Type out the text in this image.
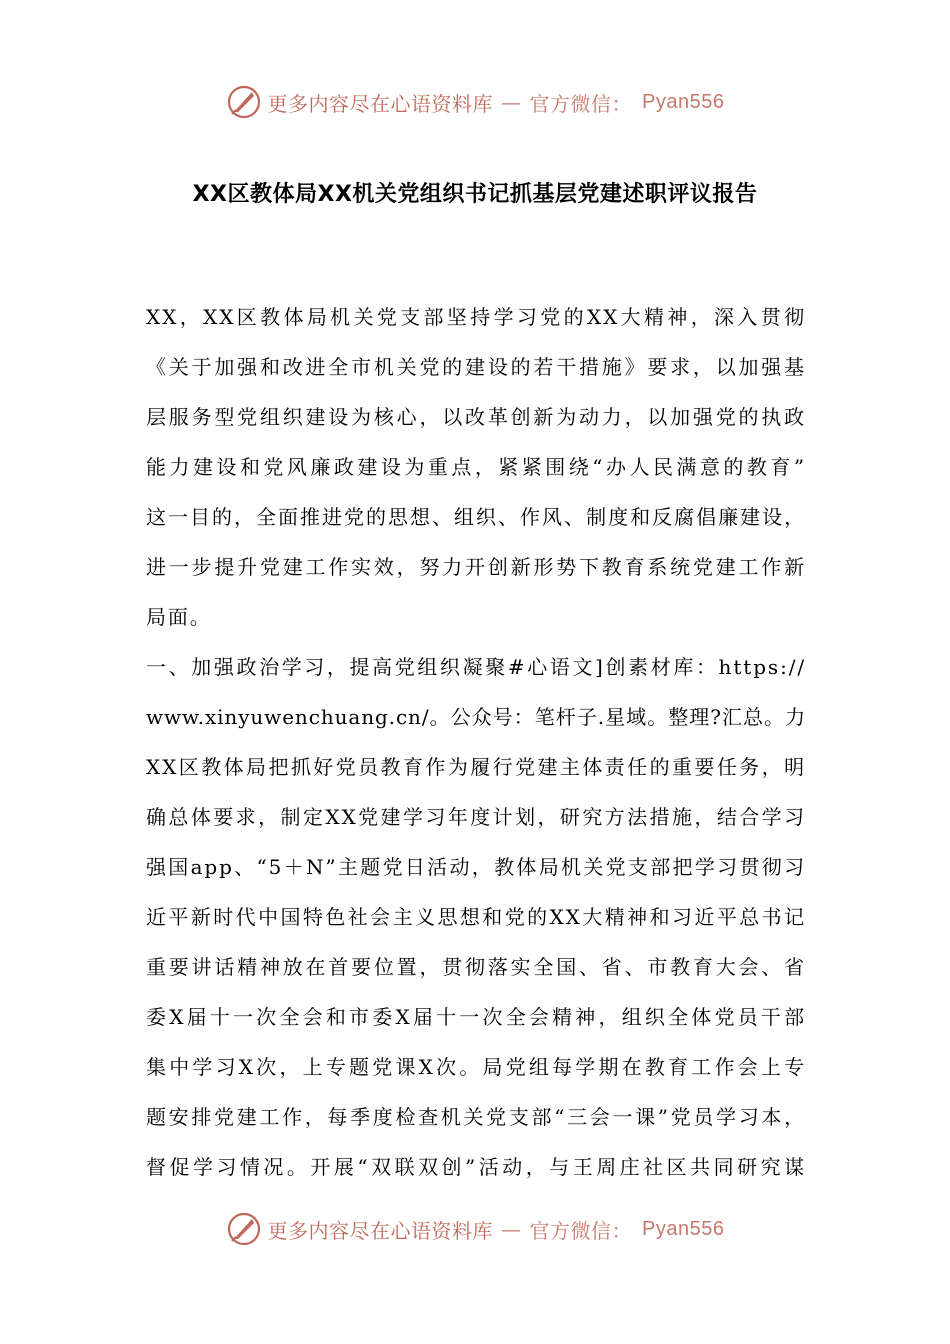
更多内容尽在心语资料库 — 官方微信： Pyan556
XX区教体局XX机关党组织书记抓基层党建述职评议报告
XX，XX区教体局机关党支部坚持学习党的XX大精神，深入贯彻
《关于加强和改进全市机关党的建设的若干措施》要求，以加强基
层服务型党组织建设为核心，以改革创新为动力，以加强党的执政
能力建设和党风廉政建设为重点，紧紧围绕“办人民满意的教育”
这一目的，全面推进党的思想、组织、作风、制度和反腐倡廉建设，
进一步提升党建工作实效，努力开创新形势下教育系统党建工作新
局面。
一、加强政治学习，提高党组织凝聚#心语文]创素材库：https://
www.xinyuwenchuang.cn/。公众号：笔杆子.星域。整理?汇总。力
XX区教体局把抓好党员教育作为履行党建主体责任的重要任务，明
确总体要求，制定XX党建学习年度计划，研究方法措施，结合学习
强国app、“5＋N”主题党日活动，教体局机关党支部把学习贯彻习
近平新时代中国特色社会主义思想和党的XX大精神和习近平总书记
重要讲话精神放在首要位置，贯彻落实全国、省、市教育大会、省
委X届十一次全会和市委X届十一次全会精神，组织全体党员干部
集中学习X次，上专题党课X次。局党组每学期在教育工作会上专
题安排党建工作，每季度检查机关党支部“三会一课”党员学习本，
督促学习情况。开展“双联双创”活动，与王周庄社区共同研究谋
更多内容尽在心语资料库 — 官方微信： Pyan556
